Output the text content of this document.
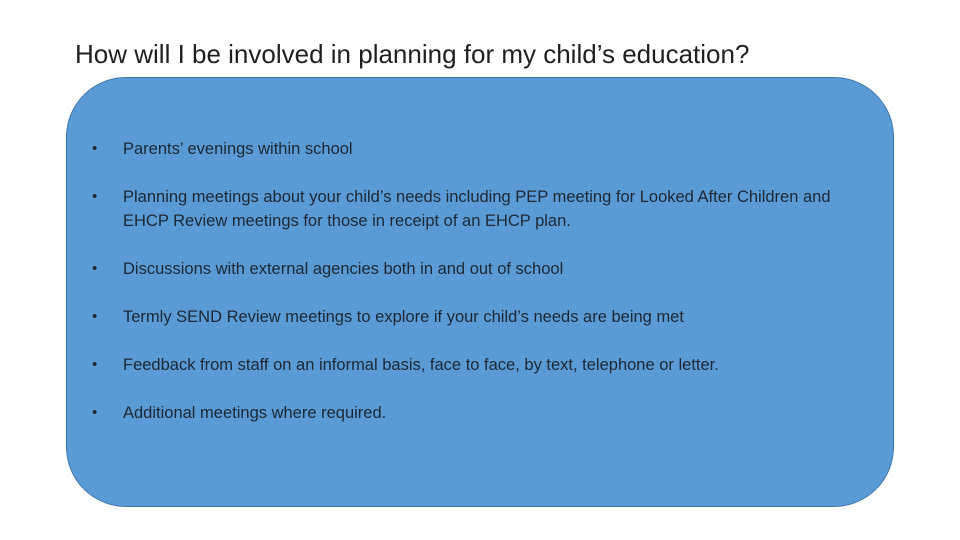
How will I be involved in planning for my child’s education?
•	Parents’ evenings within school
•	Planning meetings about your child’s needs including PEP meeting for Looked After Children and EHCP Review meetings for those in receipt of an EHCP plan.
•	Discussions with external agencies both in and out of school
•	Termly SEND Review meetings to explore if your child’s needs are being met
•	Feedback from staff on an informal basis, face to face, by text, telephone or letter.
•	Additional meetings where required.
